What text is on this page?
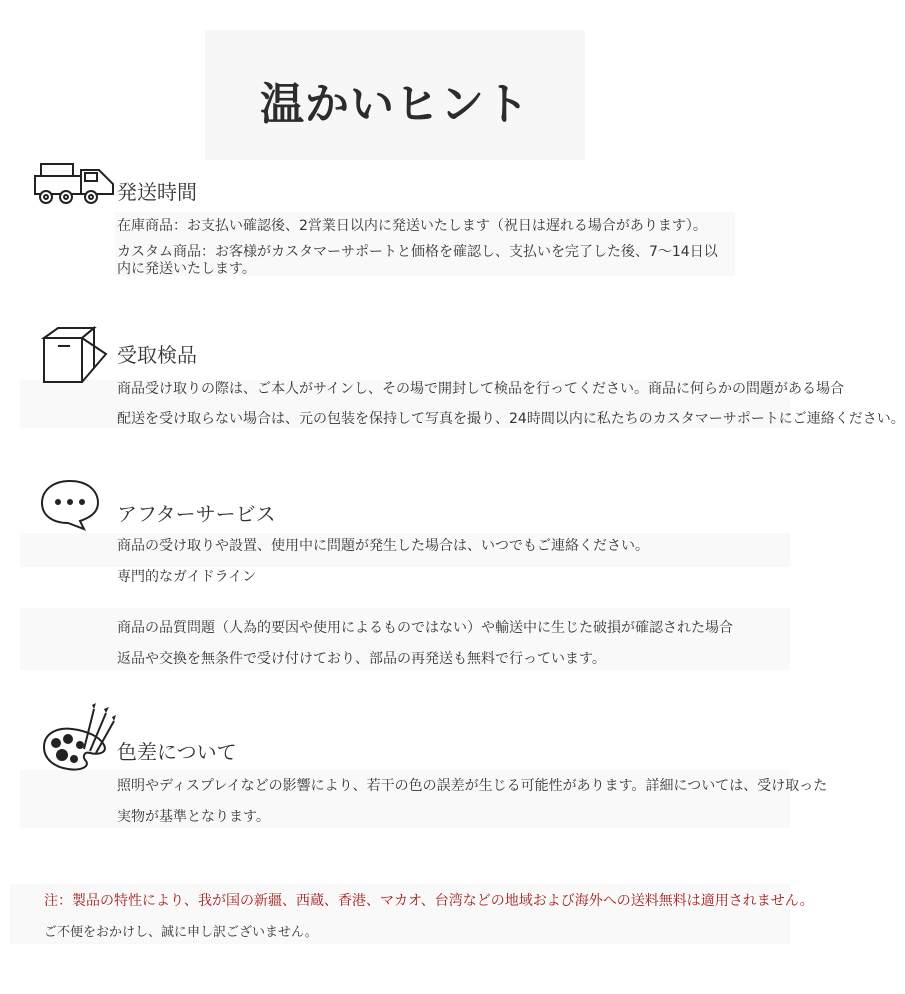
温かいヒント
発送時間
在庫商品：お支払い確認後、2営業日以内に発送いたします（祝日は遅れる場合があります）。
カスタム商品：お客様がカスタマーサポートと価格を確認し、支払いを完了した後、7〜14日以内に発送いたします。
受取検品
商品受け取りの際は、ご本人がサインし、その場で開封して検品を行ってください。商品に何らかの問題がある場合
配送を受け取らない場合は、元の包装を保持して写真を撮り、24時間以内に私たちのカスタマーサポートにご連絡ください。
アフターサービス
商品の受け取りや設置、使用中に問題が発生した場合は、いつでもご連絡ください。
専門的なガイドライン
商品の品質問題（人為的要因や使用によるものではない）や輸送中に生じた破損が確認された場合
返品や交換を無条件で受け付けており、部品の再発送も無料で行っています。
色差について
照明やディスプレイなどの影響により、若干の色の誤差が生じる可能性があります。詳細については、受け取った
実物が基準となります。
注：製品の特性により、我が国の新疆、西蔵、香港、マカオ、台湾などの地域および海外への送料無料は適用されません。
ご不便をおかけし、誠に申し訳ございません。
